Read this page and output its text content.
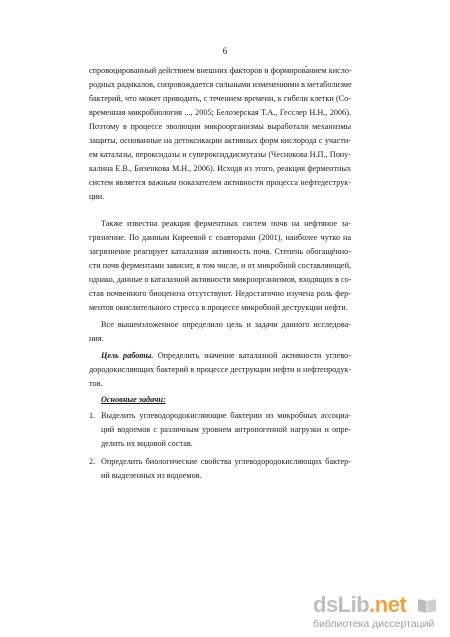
6
спровоцированный действием внешних факторов и формированием кисло-
родных радикалов, сопровождается сильными изменениями в метаболизме
бактерий, что может приводить, с течением времени, к гибели клетки (Со-
временная микробиология ..., 2005; Белозерская Т.А., Гесслер Н.Н., 2006).
Поэтому в процессе эволюции микроорганизмы выработали механизмы
защиты, основанные на детоксикации активных форм кислорода с участи-
ем каталазы, пероксидазы и супероксиддисмутазы (Чеснокова Н.П., Пону-
калина Е.В., Бизенкова М.Н., 2006). Исходя из этого, реакция ферментных
систем является важным показателем активности процесса нефтедеструк-
ции.
Также известна реакция ферментных систем почв на нефтяное за-
грязнение. По данным Киреевой с соавторами (2001), наиболее чутко на
загрязнение реагирует каталазная активность почв. Степень обогащённо-
сти почв ферментами зависит, в том числе, и от микробной составляющей,
однако, данные о каталазной активности микроорганизмов, входящих в со-
став почвенного биоценоза отсутствуют. Недостаточно изучена роль фер-
ментов окислительного стресса в процессе микробной деструкции нефти.
Все вышеизложенное определило цель и задачи данного исследова-
ния.
Цель работы. Определить значение каталазной активности углево-
дородокисляющих бактерий в процессе деструкции нефти и нефтепродук-
тов.
Основные задачи:
1. Выделить углеводородокисляющие бактерии из микробных ассоциа-
ций водоемов с различным уровнем антропогенной нагрузки и опре-
делить их видовой состав.
2. Определить биологические свойства углеводородокисляющих бактер-
ий выделенных из водоемов.
dsLib.net
библиотека диссертаций
